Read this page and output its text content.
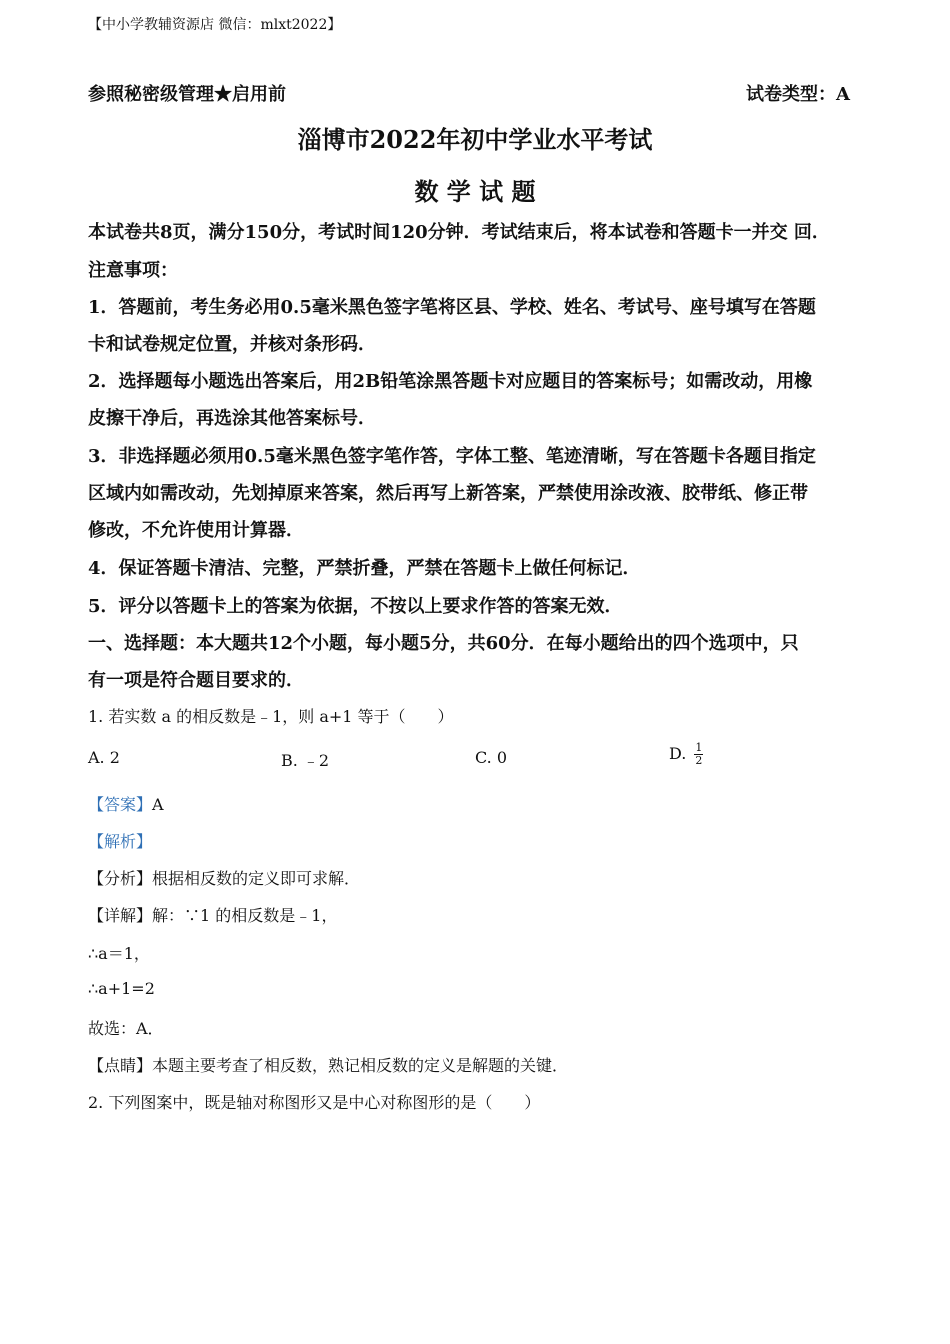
【中小学教辅资源店 微信：mlxt2022】
参照秘密级管理★启用前	试卷类型：A
淄博市2022年初中学业水平考试
数 学 试 题
本试卷共8页，满分150分，考试时间120分钟．考试结束后，将本试卷和答题卡一并交 回．
注意事项：
1．答题前，考生务必用0.5毫米黑色签字笔将区县、学校、姓名、考试号、座号填写在答题
卡和试卷规定位置，并核对条形码．
2．选择题每小题选出答案后，用2B铅笔涂黑答题卡对应题目的答案标号；如需改动，用橡
皮擦干净后，再选涂其他答案标号．
3．非选择题必须用0.5毫米黑色签字笔作答，字体工整、笔迹清晰，写在答题卡各题目指定
区域内如需改动，先划掉原来答案，然后再写上新答案，严禁使用涂改液、胶带纸、修正带
修改，不允许使用计算器．
4．保证答题卡清洁、完整，严禁折叠，严禁在答题卡上做任何标记．
5．评分以答题卡上的答案为依据，不按以上要求作答的答案无效．
一、选择题：本大题共12个小题，每小题5分，共60分．在每小题给出的四个选项中，只
有一项是符合题目要求的．
1. 若实数 a 的相反数是﹣1，则 a+1 等于（　　）
A. 2	B. ﹣2	C. 0	D. $\frac{1}{2}$
【答案】A
【解析】
【分析】根据相反数的定义即可求解．
【详解】解：∵1 的相反数是﹣1，
∴a＝1，
∴a+1=2
故选：A．
【点睛】本题主要考查了相反数，熟记相反数的定义是解题的关键．
2. 下列图案中，既是轴对称图形又是中心对称图形的是（　　）
